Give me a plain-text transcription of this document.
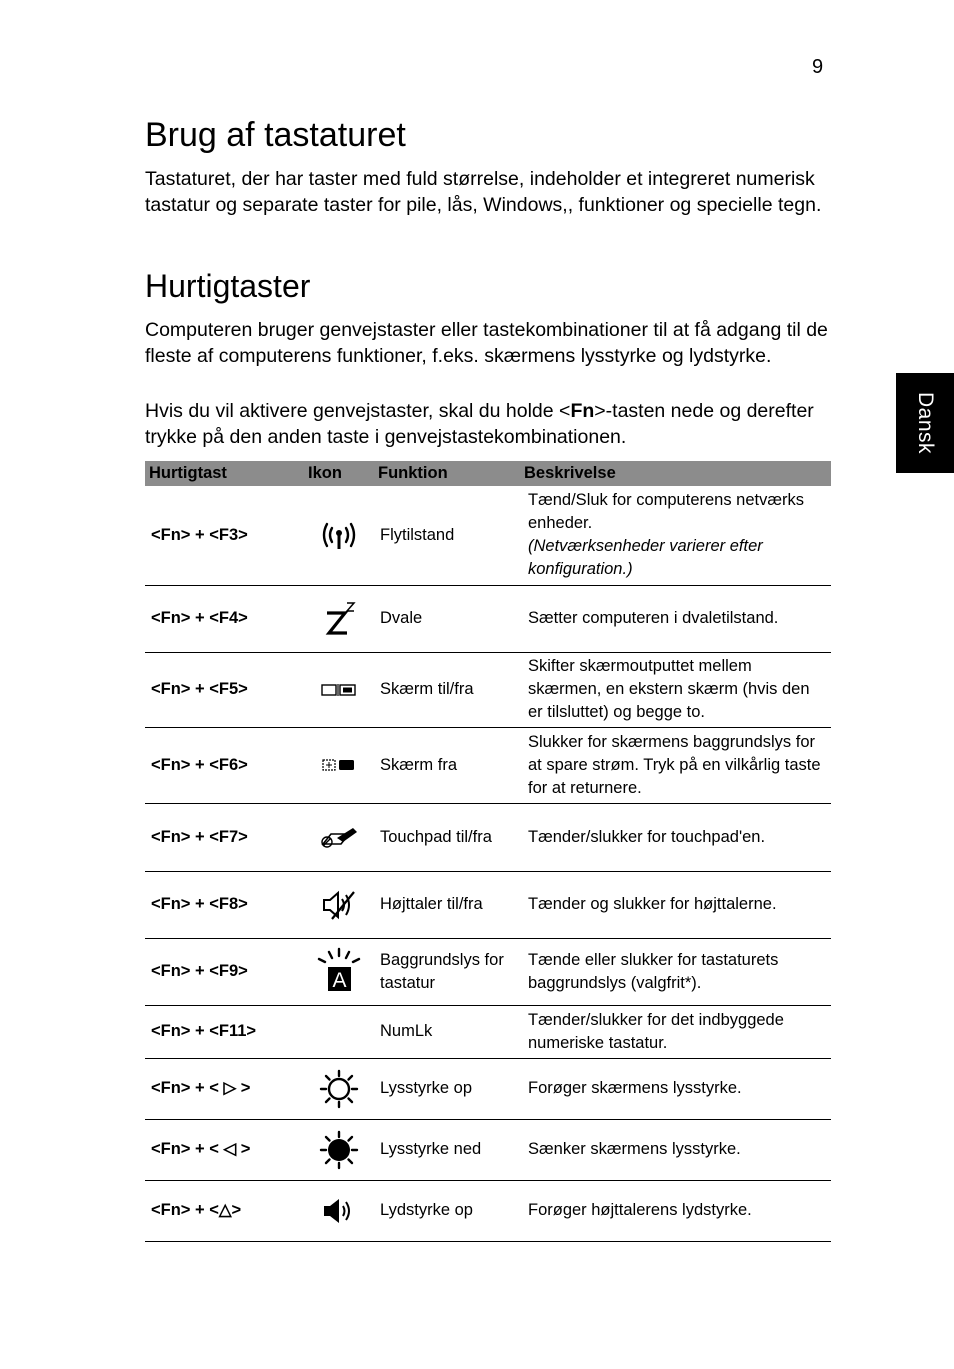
9
Dansk
Brug af tastaturet

Tastaturet, der har taster med fuld størrelse, indeholder et integreret numerisk tastatur og separate taster for pile, lås, Windows,, funktioner og specielle tegn.

Hurtigtaster

Computeren bruger genvejstaster eller tastekombinationer til at få adgang til de fleste af computerens funktioner, f.eks. skærmens lysstyrke og lydstyrke.

Hvis du vil aktivere genvejstaster, skal du holde <Fn>-tasten nede og derefter trykke på den anden taste i genvejstastekombinationen.

Hurtigtast	Ikon	Funktion	Beskrivelse
<Fn> + <F3>		Flytilstand	Tænd/Sluk for computerens netværks enheder.
(Netværksenheder varierer efter konfiguration.)
<Fn> + <F4>		Dvale	Sætter computeren i dvaletilstand.
<Fn> + <F5>		Skærm til/fra	Skifter skærmoutputtet mellem skærmen, en ekstern skærm (hvis den er tilsluttet) og begge to.
<Fn> + <F6>		Skærm fra	Slukker for skærmens baggrundslys for at spare strøm. Tryk på en vilkårlig taste for at returnere.
<Fn> + <F7>		Touchpad til/fra	Tænder/slukker for touchpad'en.
<Fn> + <F8>		Højttaler til/fra	Tænder og slukker for højttalerne.
<Fn> + <F9>	A	Baggrundslys for tastatur	Tænde eller slukker for tastaturets baggrundslys (valgfrit*).
<Fn> + <F11>		NumLk	Tænder/slukker for det indbyggede numeriske tastatur.
<Fn> + < ▷ >		Lysstyrke op	Forøger skærmens lysstyrke.
<Fn> + < ◁ >		Lysstyrke ned	Sænker skærmens lysstyrke.
<Fn> + <△>		Lydstyrke op	Forøger højttalerens lydstyrke.
